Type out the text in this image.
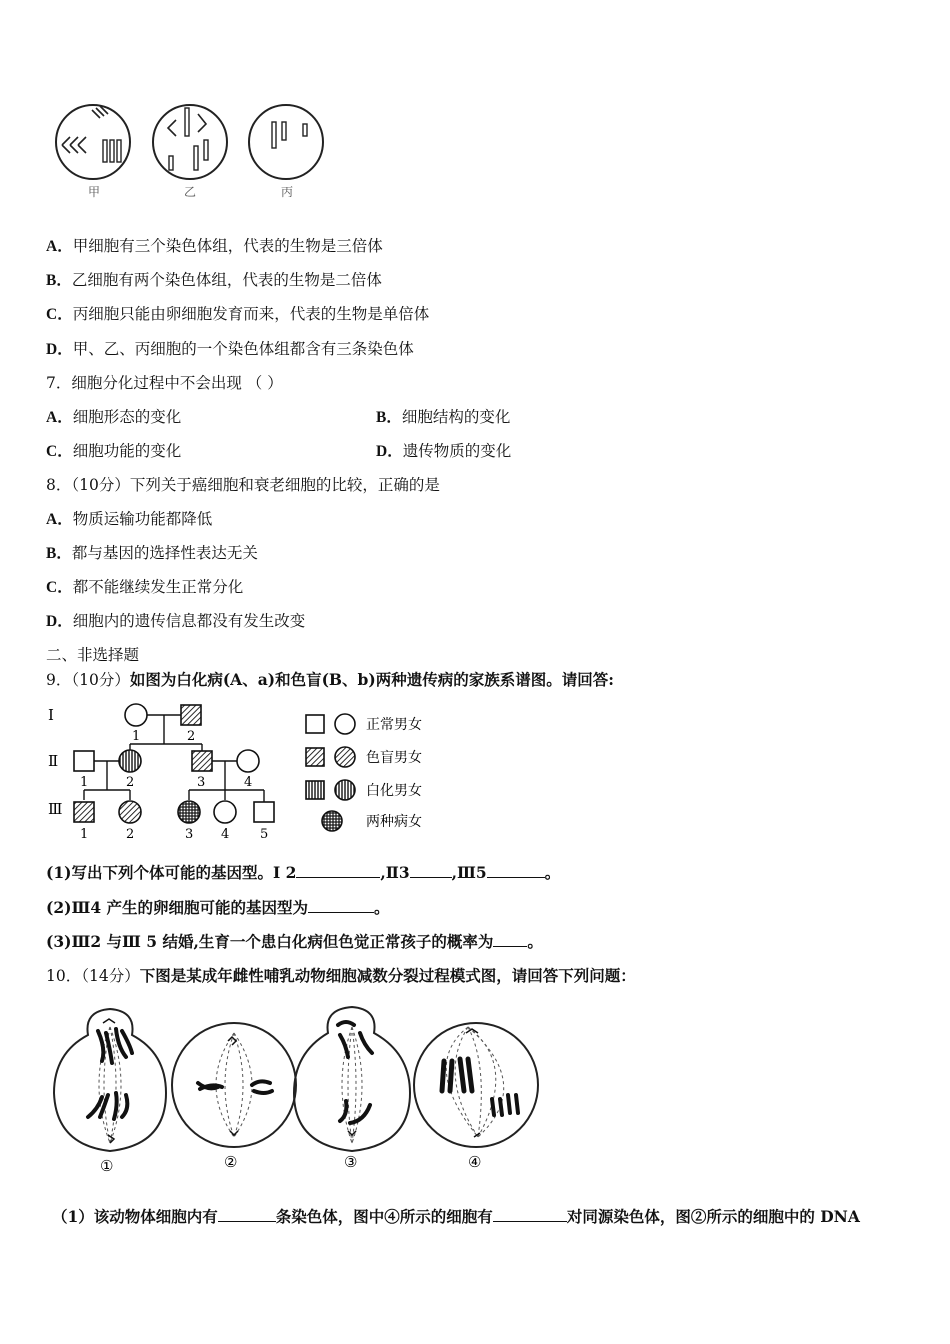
甲	乙	丙
A．甲细胞有三个染色体组，代表的生物是三倍体
B．乙细胞有两个染色体组，代表的生物是二倍体
C．丙细胞只能由卵细胞发育而来，代表的生物是单倍体
D．甲、乙、丙细胞的一个染色体组都含有三条染色体
7．细胞分化过程中不会出现 （ ）
A．细胞形态的变化	B．细胞结构的变化
C．细胞功能的变化	D．遗传物质的变化
8．（10分）下列关于癌细胞和衰老细胞的比较，正确的是
A．物质运输功能都降低
B．都与基因的选择性表达无关
C．都不能继续发生正常分化
D．细胞内的遗传信息都没有发生改变
二、非选择题
9．（10分）如图为白化病(A、a)和色盲(B、b)两种遗传病的家族系谱图。请回答:
Ⅰ
Ⅱ
Ⅲ
1	2
1	2	3	4
1	2	3 4 5
正常男女
色盲男女
白化男女
两种病女
(1)写出下列个体可能的基因型。Ⅰ 2	,Ⅱ3	,Ⅲ5	。
(2)Ⅲ4 产生的卵细胞可能的基因型为	。
(3)Ⅲ2 与Ⅲ 5 结婚,生育一个患白化病但色觉正常孩子的概率为 。
10．（14分）下图是某成年雌性哺乳动物细胞减数分裂过程模式图，请回答下列问题：
①	②	③	④
（1）该动物体细胞内有	条染色体，图中④所示的细胞有	对同源染色体，图②所示的细胞中的 DNA
